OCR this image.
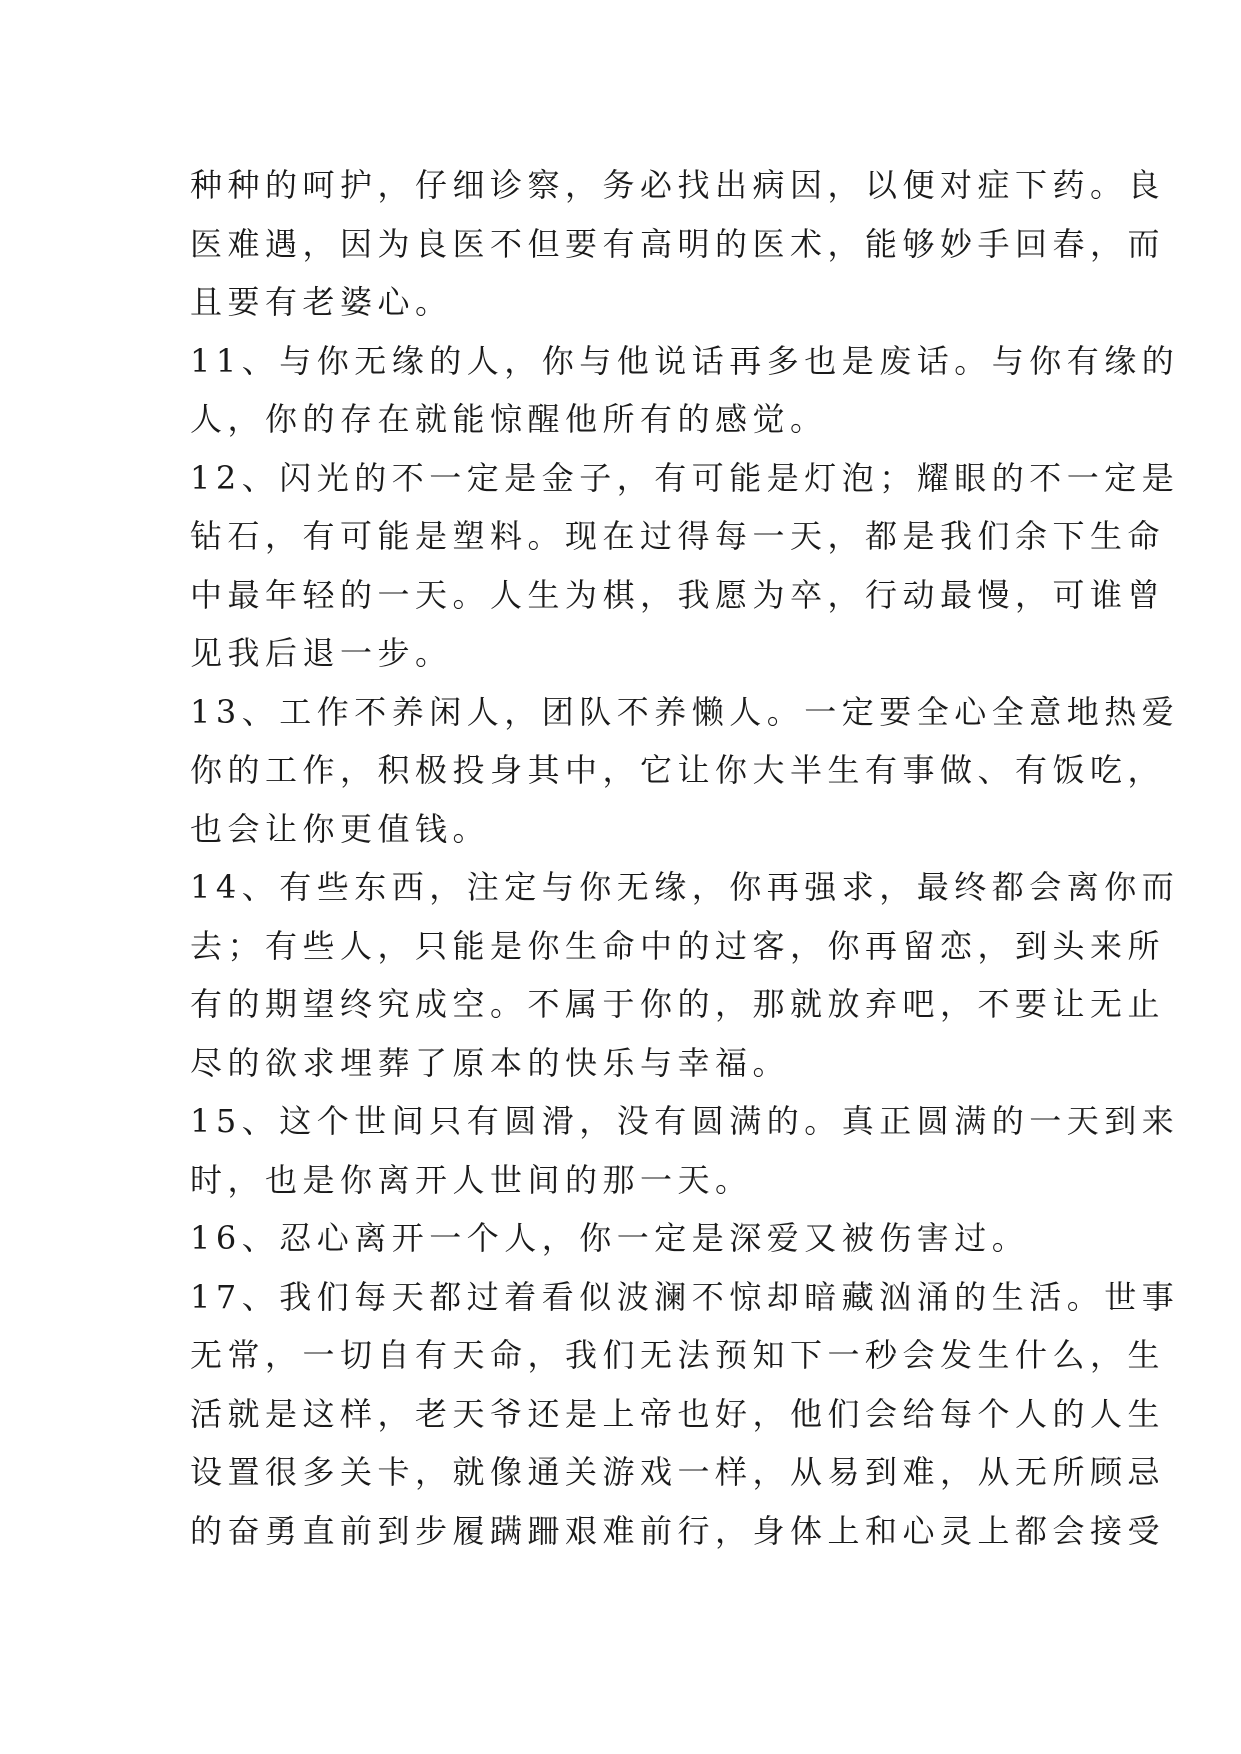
种种的呵护，仔细诊察，务必找出病因，以便对症下药。良
医难遇，因为良医不但要有高明的医术，能够妙手回春，而
且要有老婆心。
11、与你无缘的人，你与他说话再多也是废话。与你有缘的
人，你的存在就能惊醒他所有的感觉。
12、闪光的不一定是金子，有可能是灯泡；耀眼的不一定是
钻石，有可能是塑料。现在过得每一天，都是我们余下生命
中最年轻的一天。人生为棋，我愿为卒，行动最慢，可谁曾
见我后退一步。
13、工作不养闲人，团队不养懒人。一定要全心全意地热爱
你的工作，积极投身其中，它让你大半生有事做、有饭吃，
也会让你更值钱。
14、有些东西，注定与你无缘，你再强求，最终都会离你而
去；有些人，只能是你生命中的过客，你再留恋，到头来所
有的期望终究成空。不属于你的，那就放弃吧，不要让无止
尽的欲求埋葬了原本的快乐与幸福。
15、这个世间只有圆滑，没有圆满的。真正圆满的一天到来
时，也是你离开人世间的那一天。
16、忍心离开一个人，你一定是深爱又被伤害过。
17、我们每天都过着看似波澜不惊却暗藏汹涌的生活。世事
无常，一切自有天命，我们无法预知下一秒会发生什么，生
活就是这样，老天爷还是上帝也好，他们会给每个人的人生
设置很多关卡，就像通关游戏一样，从易到难，从无所顾忌
的奋勇直前到步履蹒跚艰难前行，身体上和心灵上都会接受
